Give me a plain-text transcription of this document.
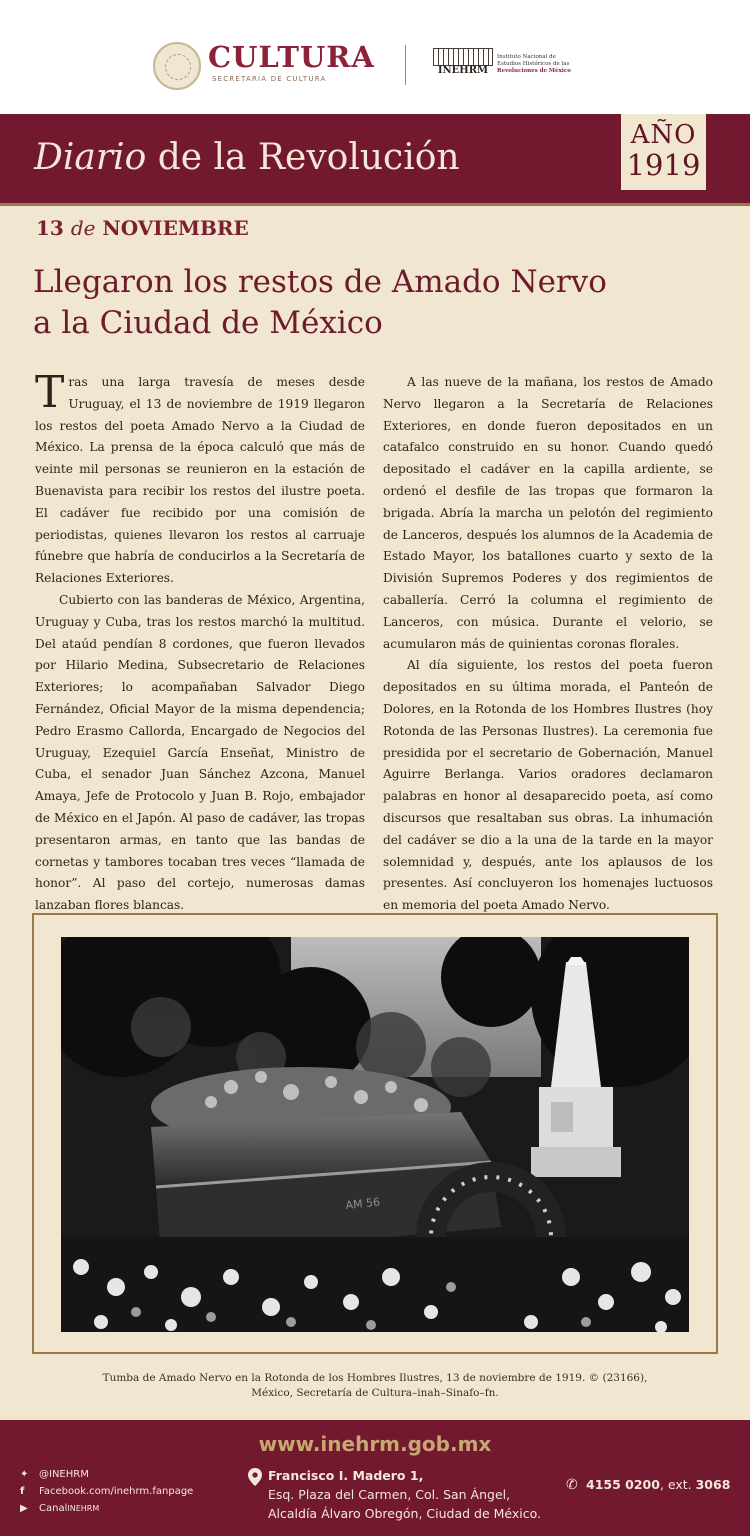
CULTURA
SECRETARÍA DE CULTURA
INEHRM
Instituto Nacional de
Estudios Históricos de las
Revoluciones de México
Diario de la Revolución
AÑO
1919
13 de NOVIEMBRE
Llegaron los restos de Amado Nervo
a la Ciudad de México

Tras una larga travesía de meses desde Uruguay, el 13 de noviembre de 1919 llegaron los restos del poeta Amado Nervo a la Ciudad de México. La prensa de la época calculó que más de veinte mil personas se reunieron en la estación de Buenavista para recibir los restos del ilustre poeta. El cadáver fue recibido por una comisión de periodistas, quienes llevaron los restos al carruaje fúnebre que habría de conducirlos a la Secretaría de Relaciones Exteriores.

Cubierto con las banderas de México, Argentina, Uruguay y Cuba, tras los restos marchó la multitud. Del ataúd pendían 8 cordones, que fueron llevados por Hilario Medina, Subsecretario de Relaciones Exteriores; lo acompañaban Salvador Diego Fernández, Oficial Mayor de la misma dependencia; Pedro Erasmo Callorda, Encargado de Negocios del Uruguay, Ezequiel García Enseñat, Ministro de Cuba, el senador Juan Sánchez Azcona, Manuel Amaya, Jefe de Protocolo y Juan B. Rojo, embajador de México en el Japón. Al paso de cadáver, las tropas presentaron armas, en tanto que las bandas de cornetas y tambores tocaban tres veces “llamada de honor”. Al paso del cortejo, numerosas damas lanzaban flores blancas.

A las nueve de la mañana, los restos de Amado Nervo llegaron a la Secretaría de Relaciones Exteriores, en donde fueron depositados en un catafalco construido en su honor. Cuando quedó depositado el cadáver en la capilla ardiente, se ordenó el desfile de las tropas que formaron la brigada. Abría la marcha un pelotón del regimiento de Lanceros, después los alumnos de la Academia de Estado Mayor, los batallones cuarto y sexto de la División Supremos Poderes y dos regimientos de caballería. Cerró la columna el regimiento de Lanceros, con música. Durante el velorio, se acumularon más de quinientas coronas florales.

Al día siguiente, los restos del poeta fueron depositados en su última morada, el Panteón de Dolores, en la Rotonda de los Hombres Ilustres (hoy Rotonda de las Personas Ilustres). La ceremonia fue presidida por el secretario de Gobernación, Manuel Aguirre Berlanga. Varios oradores declamaron palabras en honor al desaparecido poeta, así como discursos que resaltaban sus obras. La inhumación del cadáver se dio a la una de la tarde en la mayor solemnidad y, después, ante los aplausos de los presentes. Así concluyeron los homenajes luctuosos en memoria del poeta Amado Nervo.

AM 56
Tumba de Amado Nervo en la Rotonda de los Hombres Ilustres, 13 de noviembre de 1919. © (23166),
México, Secretaría de Cultura–inah–Sinafo–fn.
www.inehrm.gob.mx
✦	@INEHRM
f	Facebook.com/inehrm.fanpage
▶	Canal INEHRM
Francisco I. Madero 1,
Esq. Plaza del Carmen, Col. San Ángel,
Alcaldía Álvaro Obregón, Ciudad de México.
✆ 4155 0200, ext. 3068
